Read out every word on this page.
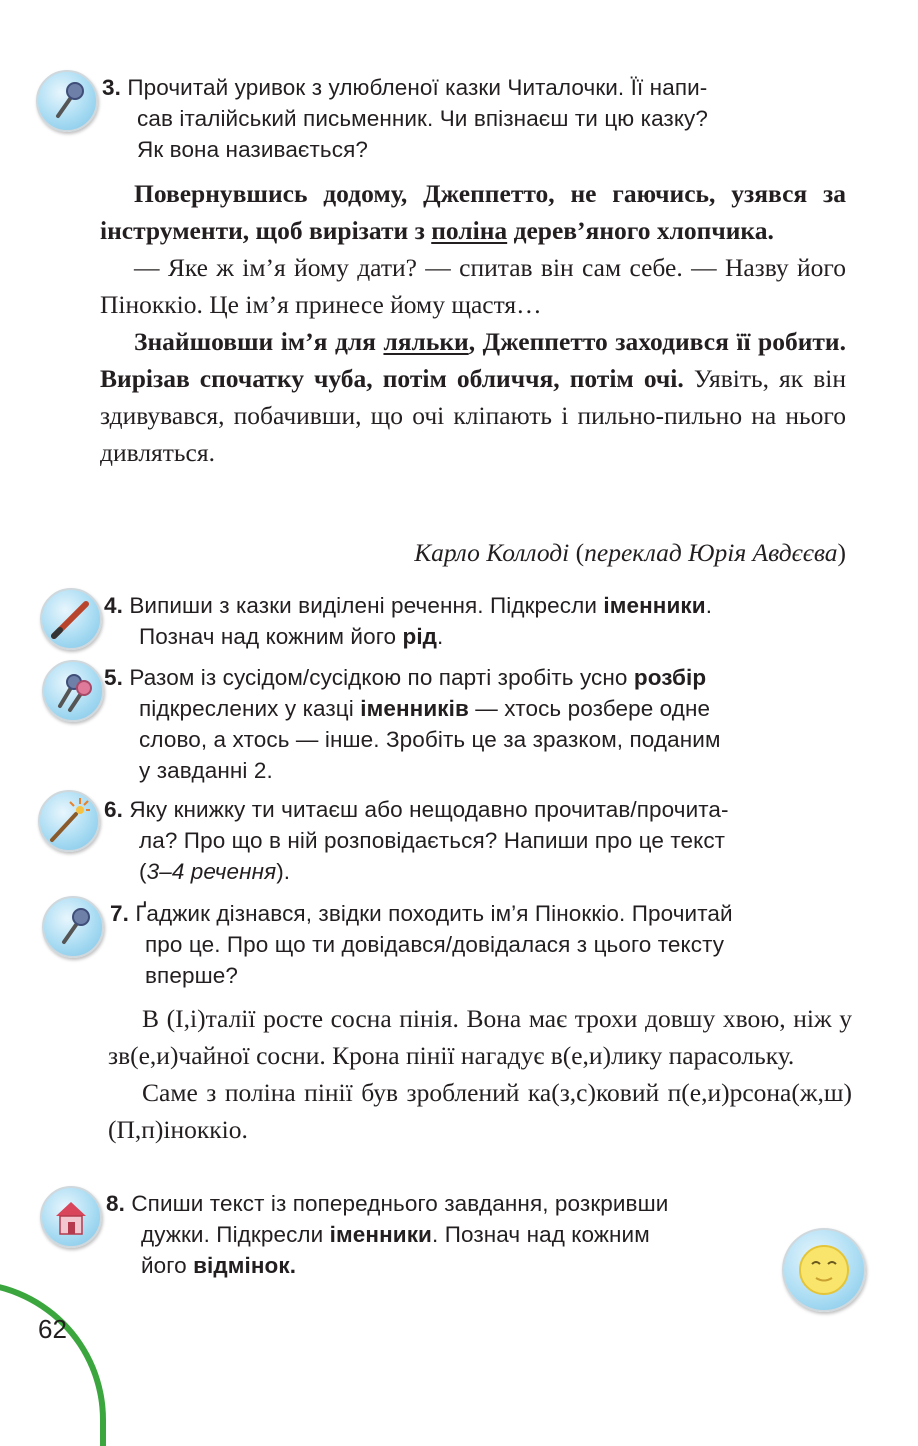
3. Прочитай уривок з улюбленої казки Читалочки. Її напи-
сав італійський письменник. Чи впізнаєш ти цю казку?
Як вона називається?

Повернувшись додому, Джеппетто, не гаючись, узявся за інструменти, щоб вирізати з поліна дерев’яного хлопчика.

— Яке ж ім’я йому дати? — спитав він сам себе. — Назву його Піноккіо. Це ім’я принесе йому щастя…

Знайшовши ім’я для ляльки, Джеппетто заходився її робити. Вирізав спочатку чуба, потім обличчя, потім очі. Уявіть, як він здивувався, побачивши, що очі кліпають і пильно-пильно на нього дивляться.

Карло Коллоді (переклад Юрія Авдєєва)
4. Випиши з казки виділені речення. Підкресли іменники.
Познач над кожним його рід.
5. Разом із сусідом/сусідкою по парті зробіть усно розбір
підкреслених у казці іменників — хтось розбере одне
слово, а хтось — інше. Зробіть це за зразком, поданим
у завданні 2.
6. Яку книжку ти читаєш або нещодавно прочитав/прочита-
ла? Про що в ній розповідається? Напиши про це текст
(3–4 речення).
7. Ґаджик дізнався, звідки походить ім’я Піноккіо. Прочитай
про це. Про що ти довідався/довідалася з цього тексту
вперше?

В (І,і)талії росте сосна пінія. Вона має трохи довшу хвою, ніж у зв(е,и)чайної сосни. Крона пінії нагадує в(е,и)лику парасольку.

Саме з поліна пінії був зроблений ка(з,с)ковий п(е,и)рсона(ж,ш) (П,п)іноккіо.

8. Спиши текст із попереднього завдання, розкривши
дужки. Підкресли іменники. Познач над кожним
його відмінок.
62
